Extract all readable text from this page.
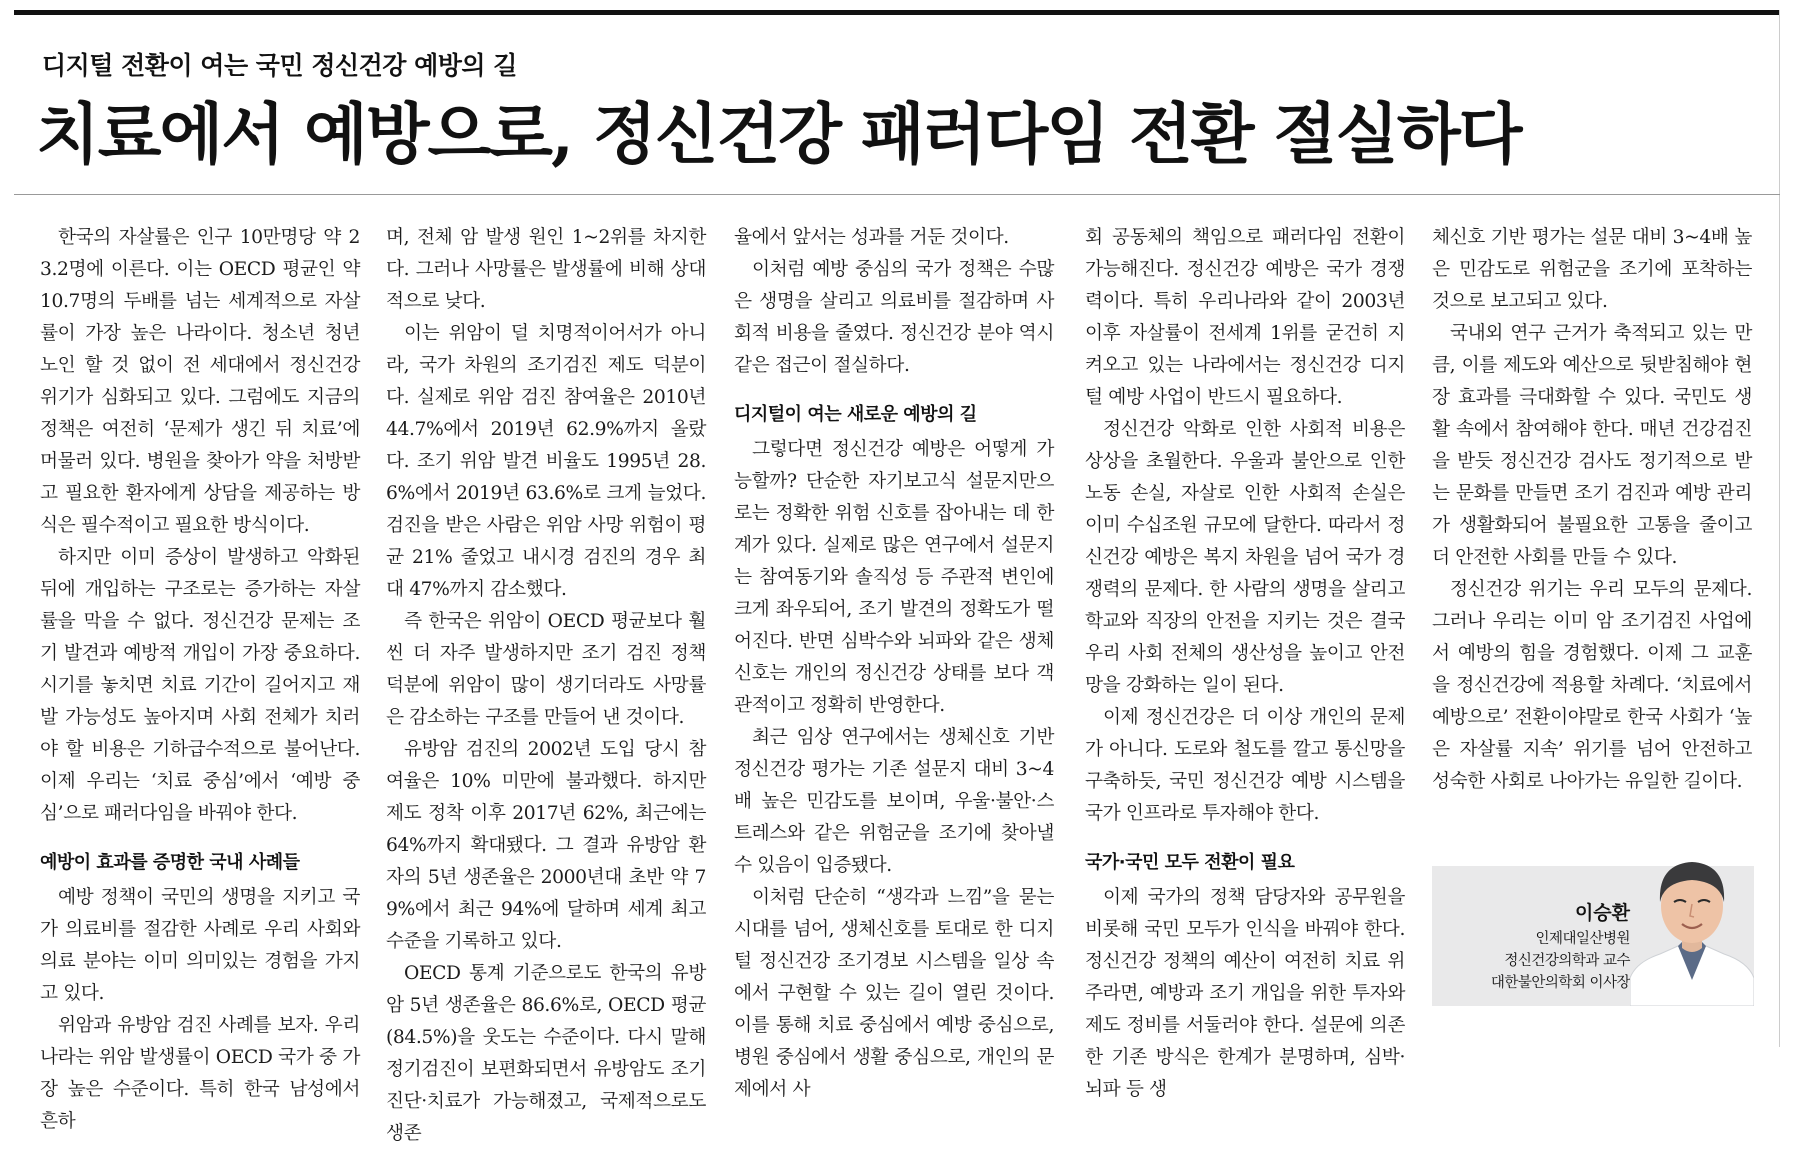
디지털 전환이 여는 국민 정신건강 예방의 길
치료에서 예방으로, 정신건강 패러다임 전환 절실하다

한국의 자살률은 인구 10만명당 약 23.2명에 이른다. 이는 OECD 평균인 약 10.7명의 두배를 넘는 세계적으로 자살률이 가장 높은 나라이다. 청소년 청년 노인 할 것 없이 전 세대에서 정신건강 위기가 심화되고 있다. 그럼에도 지금의 정책은 여전히 ‘문제가 생긴 뒤 치료’에 머물러 있다. 병원을 찾아가 약을 처방받고 필요한 환자에게 상담을 제공하는 방식은 필수적이고 필요한 방식이다.

하지만 이미 증상이 발생하고 악화된 뒤에 개입하는 구조로는 증가하는 자살률을 막을 수 없다. 정신건강 문제는 조기 발견과 예방적 개입이 가장 중요하다. 시기를 놓치면 치료 기간이 길어지고 재발 가능성도 높아지며 사회 전체가 치러야 할 비용은 기하급수적으로 불어난다. 이제 우리는 ‘치료 중심’에서 ‘예방 중심’으로 패러다임을 바꿔야 한다.

예방이 효과를 증명한 국내 사례들

예방 정책이 국민의 생명을 지키고 국가 의료비를 절감한 사례로 우리 사회와 의료 분야는 이미 의미있는 경험을 가지고 있다.

위암과 유방암 검진 사례를 보자. 우리나라는 위암 발생률이 OECD 국가 중 가장 높은 수준이다. 특히 한국 남성에서 흔하

며, 전체 암 발생 원인 1~2위를 차지한다. 그러나 사망률은 발생률에 비해 상대적으로 낮다.

이는 위암이 덜 치명적이어서가 아니라, 국가 차원의 조기검진 제도 덕분이다. 실제로 위암 검진 참여율은 2010년 44.7%에서 2019년 62.9%까지 올랐다. 조기 위암 발견 비율도 1995년 28.6%에서 2019년 63.6%로 크게 늘었다. 검진을 받은 사람은 위암 사망 위험이 평균 21% 줄었고 내시경 검진의 경우 최대 47%까지 감소했다.

즉 한국은 위암이 OECD 평균보다 훨씬 더 자주 발생하지만 조기 검진 정책 덕분에 위암이 많이 생기더라도 사망률은 감소하는 구조를 만들어 낸 것이다.

유방암 검진의 2002년 도입 당시 참여율은 10% 미만에 불과했다. 하지만 제도 정착 이후 2017년 62%, 최근에는 64%까지 확대됐다. 그 결과 유방암 환자의 5년 생존율은 2000년대 초반 약 79%에서 최근 94%에 달하며 세계 최고 수준을 기록하고 있다.

OECD 통계 기준으로도 한국의 유방암 5년 생존율은 86.6%로, OECD 평균(84.5%)을 웃도는 수준이다. 다시 말해 정기검진이 보편화되면서 유방암도 조기 진단·치료가 가능해졌고, 국제적으로도 생존

율에서 앞서는 성과를 거둔 것이다.

이처럼 예방 중심의 국가 정책은 수많은 생명을 살리고 의료비를 절감하며 사회적 비용을 줄였다. 정신건강 분야 역시 같은 접근이 절실하다.

디지털이 여는 새로운 예방의 길

그렇다면 정신건강 예방은 어떻게 가능할까? 단순한 자기보고식 설문지만으로는 정확한 위험 신호를 잡아내는 데 한계가 있다. 실제로 많은 연구에서 설문지는 참여동기와 솔직성 등 주관적 변인에 크게 좌우되어, 조기 발견의 정확도가 떨어진다. 반면 심박수와 뇌파와 같은 생체신호는 개인의 정신건강 상태를 보다 객관적이고 정확히 반영한다.

최근 임상 연구에서는 생체신호 기반 정신건강 평가는 기존 설문지 대비 3~4배 높은 민감도를 보이며, 우울·불안·스트레스와 같은 위험군을 조기에 찾아낼 수 있음이 입증됐다.

이처럼 단순히 “생각과 느낌”을 묻는 시대를 넘어, 생체신호를 토대로 한 디지털 정신건강 조기경보 시스템을 일상 속에서 구현할 수 있는 길이 열린 것이다. 이를 통해 치료 중심에서 예방 중심으로, 병원 중심에서 생활 중심으로, 개인의 문제에서 사

회 공동체의 책임으로 패러다임 전환이 가능해진다. 정신건강 예방은 국가 경쟁력이다. 특히 우리나라와 같이 2003년 이후 자살률이 전세계 1위를 굳건히 지켜오고 있는 나라에서는 정신건강 디지털 예방 사업이 반드시 필요하다.

정신건강 악화로 인한 사회적 비용은 상상을 초월한다. 우울과 불안으로 인한 노동 손실, 자살로 인한 사회적 손실은 이미 수십조원 규모에 달한다. 따라서 정신건강 예방은 복지 차원을 넘어 국가 경쟁력의 문제다. 한 사람의 생명을 살리고 학교와 직장의 안전을 지키는 것은 결국 우리 사회 전체의 생산성을 높이고 안전망을 강화하는 일이 된다.

이제 정신건강은 더 이상 개인의 문제가 아니다. 도로와 철도를 깔고 통신망을 구축하듯, 국민 정신건강 예방 시스템을 국가 인프라로 투자해야 한다.

국가·국민 모두 전환이 필요

이제 국가의 정책 담당자와 공무원을 비롯해 국민 모두가 인식을 바꿔야 한다. 정신건강 정책의 예산이 여전히 치료 위주라면, 예방과 조기 개입을 위한 투자와 제도 정비를 서둘러야 한다. 설문에 의존한 기존 방식은 한계가 분명하며, 심박·뇌파 등 생

체신호 기반 평가는 설문 대비 3~4배 높은 민감도로 위험군을 조기에 포착하는 것으로 보고되고 있다.

국내외 연구 근거가 축적되고 있는 만큼, 이를 제도와 예산으로 뒷받침해야 현장 효과를 극대화할 수 있다. 국민도 생활 속에서 참여해야 한다. 매년 건강검진을 받듯 정신건강 검사도 정기적으로 받는 문화를 만들면 조기 검진과 예방 관리가 생활화되어 불필요한 고통을 줄이고 더 안전한 사회를 만들 수 있다.

정신건강 위기는 우리 모두의 문제다. 그러나 우리는 이미 암 조기검진 사업에서 예방의 힘을 경험했다. 이제 그 교훈을 정신건강에 적용할 차례다. ‘치료에서 예방으로’ 전환이야말로 한국 사회가 ‘높은 자살률 지속’ 위기를 넘어 안전하고 성숙한 사회로 나아가는 유일한 길이다.

이승환
인제대일산병원
정신건강의학과 교수
대한불안의학회 이사장
